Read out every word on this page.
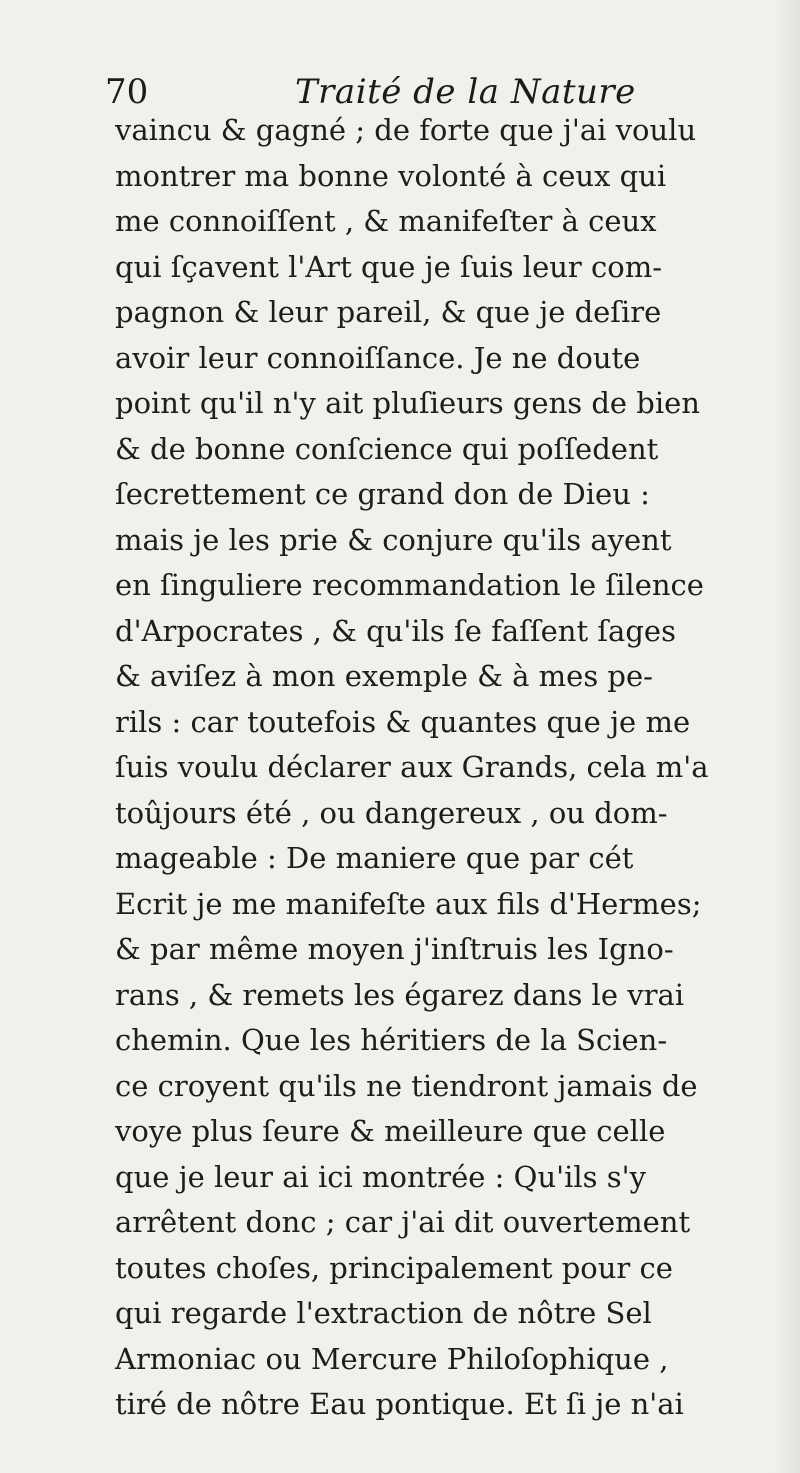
70	Traité de la Nature
vaincu & gagné ; de forte que j'ai voulu
montrer ma bonne volonté à ceux qui
me connoiſſent , & manifeſter à ceux
qui ſçavent l'Art que je ſuis leur com-
pagnon & leur pareil, & que je deſire
avoir leur connoiſſance. Je ne doute
point qu'il n'y ait pluſieurs gens de bien
& de bonne conſcience qui poſſedent
ſecrettement ce grand don de Dieu :
mais je les prie & conjure qu'ils ayent
en ſinguliere recommandation le ſilence
d'Arpocrates , & qu'ils ſe faſſent ſages
& aviſez à mon exemple & à mes pe-
rils : car toutefois & quantes que je me
ſuis voulu déclarer aux Grands, cela m'a
toûjours été , ou dangereux , ou dom-
mageable : De maniere que par cét
Ecrit je me manifeſte aux fils d'Hermes;
& par même moyen j'inſtruis les Igno-
rans , & remets les égarez dans le vrai
chemin. Que les héritiers de la Scien-
ce croyent qu'ils ne tiendront jamais de
voye plus ſeure & meilleure que celle
que je leur ai ici montrée : Qu'ils s'y
arrêtent donc ; car j'ai dit ouvertement
toutes choſes, principalement pour ce
qui regarde l'extraction de nôtre Sel
Armoniac ou Mercure Philoſophique ,
tiré de nôtre Eau pontique. Et ſi je n'ai
